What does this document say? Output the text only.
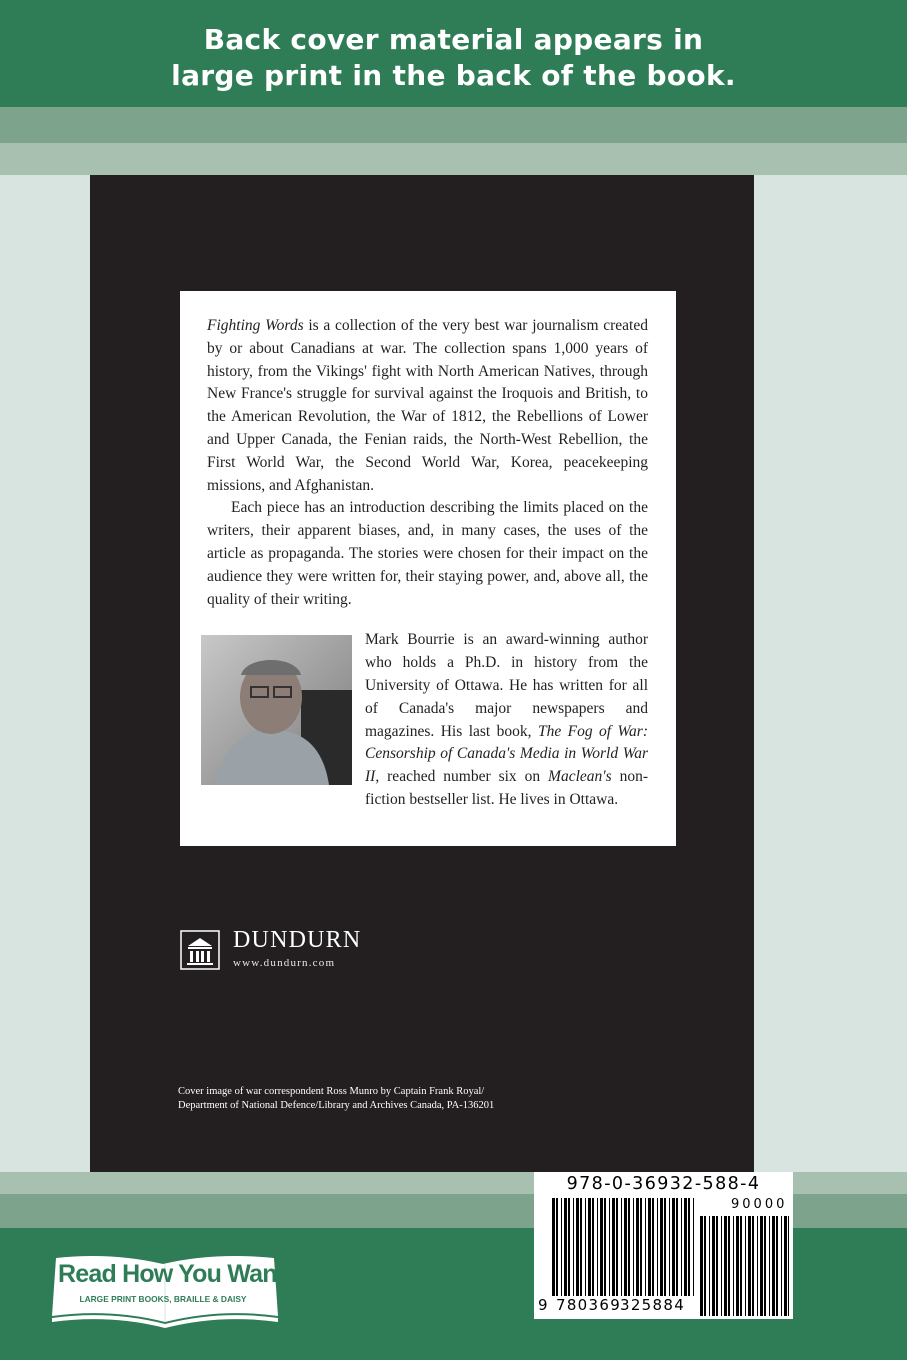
Back cover material appears in
large print in the back of the book.

Fighting Words is a collection of the very best war journalism created by or about Canadians at war. The collection spans 1,000 years of history, from the Vikings' fight with North American Natives, through New France's struggle for survival against the Iroquois and British, to the American Revolution, the War of 1812, the Rebellions of Lower and Upper Canada, the Fenian raids, the North-West Rebellion, the First World War, the Second World War, Korea, peacekeeping missions, and Afghanistan.

Each piece has an introduction describing the limits placed on the writers, their apparent biases, and, in many cases, the uses of the article as propaganda. The stories were chosen for their impact on the audience they were written for, their staying power, and, above all, the quality of their writing.

Mark Bourrie is an award-winning author who holds a Ph.D. in history from the University of Ottawa. He has written for all of Canada's major newspapers and magazines. His last book, The Fog of War: Censorship of Canada's Media in World War II, reached number six on Maclean's non-fiction bestseller list. He lives in Ottawa.
DUNDURN
www.dundurn.com
Cover image of war correspondent Ross Munro by Captain Frank Royal/
Department of National Defence/Library and Archives Canada, PA-136201
978-0-36932-588-4
90000
9 780369
325884
Read How You Want
LARGE PRINT BOOKS, BRAILLE & DAISY
